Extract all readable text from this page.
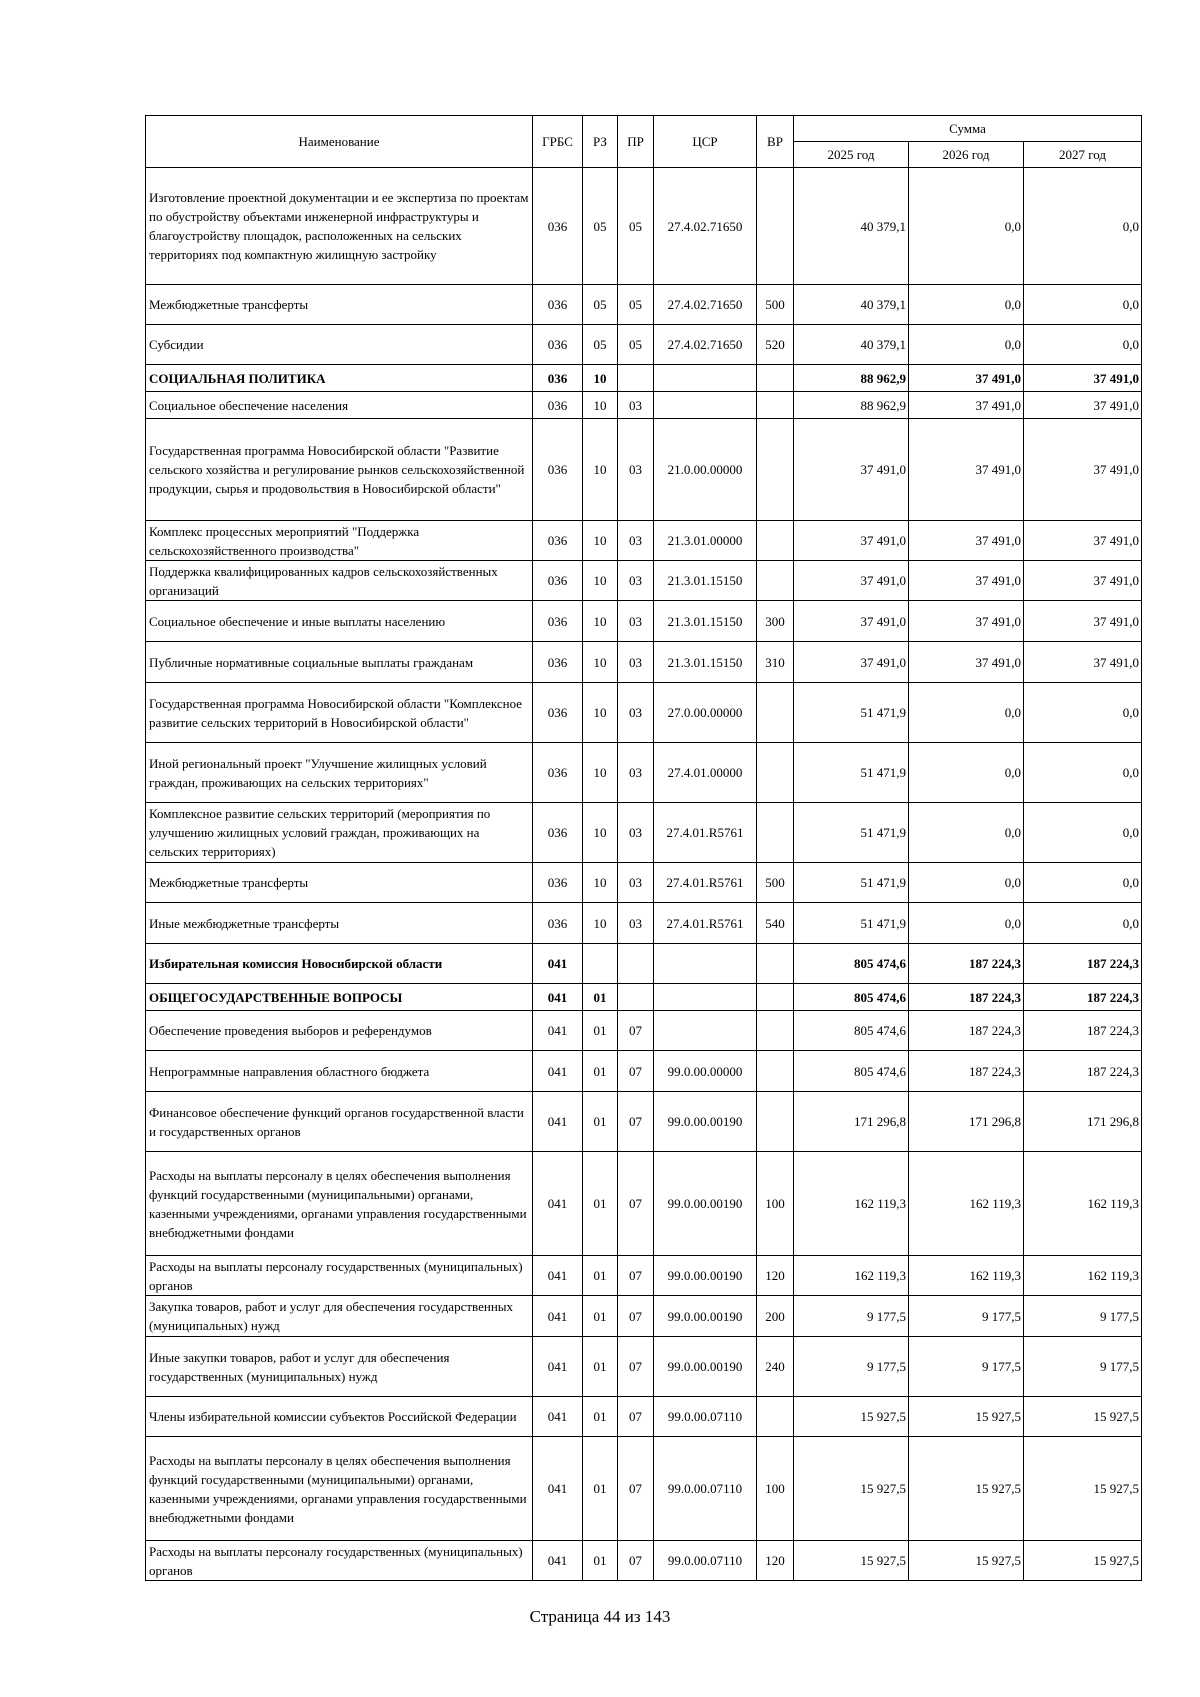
Наименование	ГРБС	РЗ	ПР	ЦСР	ВР	Сумма		
						2025 год	2026 год	2027 год
Изготовление проектной документации и ее экспертиза по проектам по обустройству объектами инженерной инфраструктуры и благоустройству площадок, расположенных на сельских территориях под компактную жилищную застройку	036	05	05	27.4.02.71650		40 379,1	0,0	0,0
Межбюджетные трансферты	036	05	05	27.4.02.71650	500	40 379,1	0,0	0,0
Субсидии	036	05	05	27.4.02.71650	520	40 379,1	0,0	0,0
СОЦИАЛЬНАЯ ПОЛИТИКА	036	10				88 962,9	37 491,0	37 491,0
Социальное обеспечение населения	036	10	03			88 962,9	37 491,0	37 491,0
Государственная программа Новосибирской области "Развитие сельского хозяйства и регулирование рынков сельскохозяйственной продукции, сырья и продовольствия в Новосибирской области"	036	10	03	21.0.00.00000		37 491,0	37 491,0	37 491,0
Комплекс процессных мероприятий "Поддержка сельскохозяйственного производства"	036	10	03	21.3.01.00000		37 491,0	37 491,0	37 491,0
Поддержка квалифицированных кадров сельскохозяйственных организаций	036	10	03	21.3.01.15150		37 491,0	37 491,0	37 491,0
Социальное обеспечение и иные выплаты населению	036	10	03	21.3.01.15150	300	37 491,0	37 491,0	37 491,0
Публичные нормативные социальные выплаты гражданам	036	10	03	21.3.01.15150	310	37 491,0	37 491,0	37 491,0
Государственная программа Новосибирской области "Комплексное развитие сельских территорий в Новосибирской области"	036	10	03	27.0.00.00000		51 471,9	0,0	0,0
Иной региональный проект "Улучшение жилищных условий граждан, проживающих на сельских территориях"	036	10	03	27.4.01.00000		51 471,9	0,0	0,0
Комплексное развитие сельских территорий (мероприятия по улучшению жилищных условий граждан, проживающих на сельских территориях)	036	10	03	27.4.01.R5761		51 471,9	0,0	0,0
Межбюджетные трансферты	036	10	03	27.4.01.R5761	500	51 471,9	0,0	0,0
Иные межбюджетные трансферты	036	10	03	27.4.01.R5761	540	51 471,9	0,0	0,0
Избирательная комиссия Новосибирской области	041					805 474,6	187 224,3	187 224,3
ОБЩЕГОСУДАРСТВЕННЫЕ ВОПРОСЫ	041	01				805 474,6	187 224,3	187 224,3
Обеспечение проведения выборов и референдумов	041	01	07			805 474,6	187 224,3	187 224,3
Непрограммные направления областного бюджета	041	01	07	99.0.00.00000		805 474,6	187 224,3	187 224,3
Финансовое обеспечение функций органов государственной власти и государственных органов	041	01	07	99.0.00.00190		171 296,8	171 296,8	171 296,8
Расходы на выплаты персоналу в целях обеспечения выполнения функций государственными (муниципальными) органами, казенными учреждениями, органами управления государственными внебюджетными фондами	041	01	07	99.0.00.00190	100	162 119,3	162 119,3	162 119,3
Расходы на выплаты персоналу государственных (муниципальных) органов	041	01	07	99.0.00.00190	120	162 119,3	162 119,3	162 119,3
Закупка товаров, работ и услуг для обеспечения государственных (муниципальных) нужд	041	01	07	99.0.00.00190	200	9 177,5	9 177,5	9 177,5
Иные закупки товаров, работ и услуг для обеспечения государственных (муниципальных) нужд	041	01	07	99.0.00.00190	240	9 177,5	9 177,5	9 177,5
Члены избирательной комиссии субъектов Российской Федерации	041	01	07	99.0.00.07110		15 927,5	15 927,5	15 927,5
Расходы на выплаты персоналу в целях обеспечения выполнения функций государственными (муниципальными) органами, казенными учреждениями, органами управления государственными внебюджетными фондами	041	01	07	99.0.00.07110	100	15 927,5	15 927,5	15 927,5
Расходы на выплаты персоналу государственных (муниципальных) органов	041	01	07	99.0.00.07110	120	15 927,5	15 927,5	15 927,5
Страница 44 из 143
